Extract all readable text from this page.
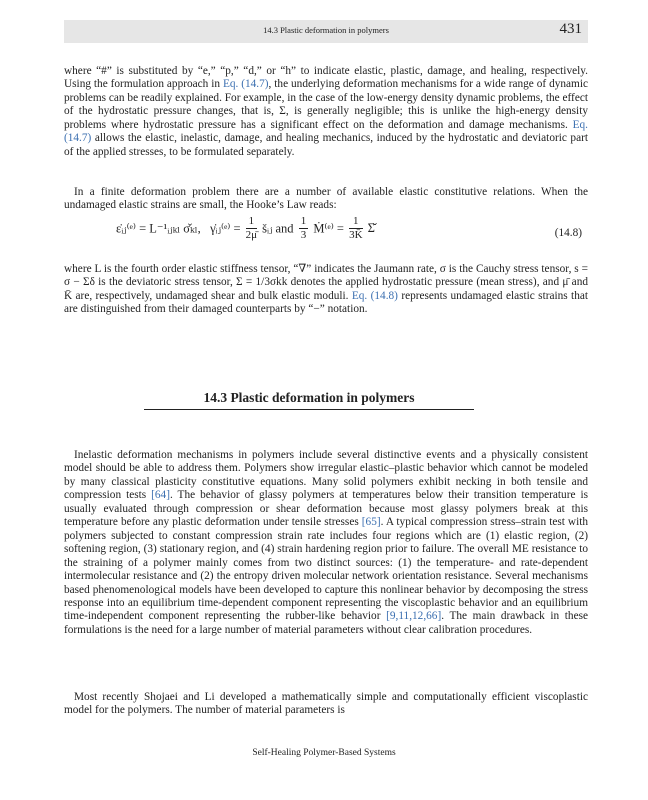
14.3 Plastic deformation in polymers	431

where “#” is substituted by “e,” “p,” “d,” or “h” to indicate elastic, plastic, damage, and healing, respectively. Using the formulation approach in Eq. (14.7), the underlying deformation mechanisms for a wide range of dynamic problems can be readily explained. For example, in the case of the low-energy density dynamic problems, the effect of the hydrostatic pressure changes, that is, Σ, is generally negligible; this is unlike the high-energy density problems where hydrostatic pressure has a significant effect on the deformation and damage mechanisms. Eq. (14.7) allows the elastic, inelastic, damage, and healing mechanics, induced by the hydrostatic and deviatoric part of the applied stresses, to be formulated separately.

In a finite deformation problem there are a number of available elastic constitutive relations. When the undamaged elastic strains are small, the Hooke’s Law reads:

ε̇ᵢⱼ⁽ᵉ⁾ = L⁻¹ᵢⱼₖₗ σ̌ₖₗ, γ̇ᵢⱼ⁽ᵉ⁾ = $\frac{1}{2\mū}$ šᵢⱼ and $\frac{1}{3}$ Ṁ⁽ᵉ⁾ = $\frac{1}{3K̄}$ Σ̌	(14.8)

where L is the fourth order elastic stiffness tensor, “∇” indicates the Jaumann rate, σ is the Cauchy stress tensor, s = σ − Σδ is the deviatoric stress tensor, Σ = 1/3σkk denotes the applied hydrostatic pressure (mean stress), and μ̄ and K̄ are, respectively, undamaged shear and bulk elastic moduli. Eq. (14.8) represents undamaged elastic strains that are distinguished from their damaged counterparts by “−” notation.

14.3 Plastic deformation in polymers

Inelastic deformation mechanisms in polymers include several distinctive events and a physically consistent model should be able to address them. Polymers show irregular elastic–plastic behavior which cannot be modeled by many classical plasticity constitutive equations. Many solid polymers exhibit necking in both tensile and compression tests [64]. The behavior of glassy polymers at temperatures below their transition temperature is usually evaluated through compression or shear deformation because most glassy polymers break at this temperature before any plastic deformation under tensile stresses [65]. A typical compression stress–strain test with polymers subjected to constant compression strain rate includes four regions which are (1) elastic region, (2) softening region, (3) stationary region, and (4) strain hardening region prior to failure. The overall ME resistance to the straining of a polymer mainly comes from two distinct sources: (1) the temperature- and rate-dependent intermolecular resistance and (2) the entropy driven molecular network orientation resistance. Several mechanisms based phenomenological models have been developed to capture this nonlinear behavior by decomposing the stress response into an equilibrium time-dependent component representing the viscoplastic behavior and an equilibrium time-independent component representing the rubber-like behavior [9,11,12,66]. The main drawback in these formulations is the need for a large number of material parameters without clear calibration procedures.

Most recently Shojaei and Li developed a mathematically simple and computationally efficient viscoplastic model for the polymers. The number of material parameters is

Self-Healing Polymer-Based Systems
